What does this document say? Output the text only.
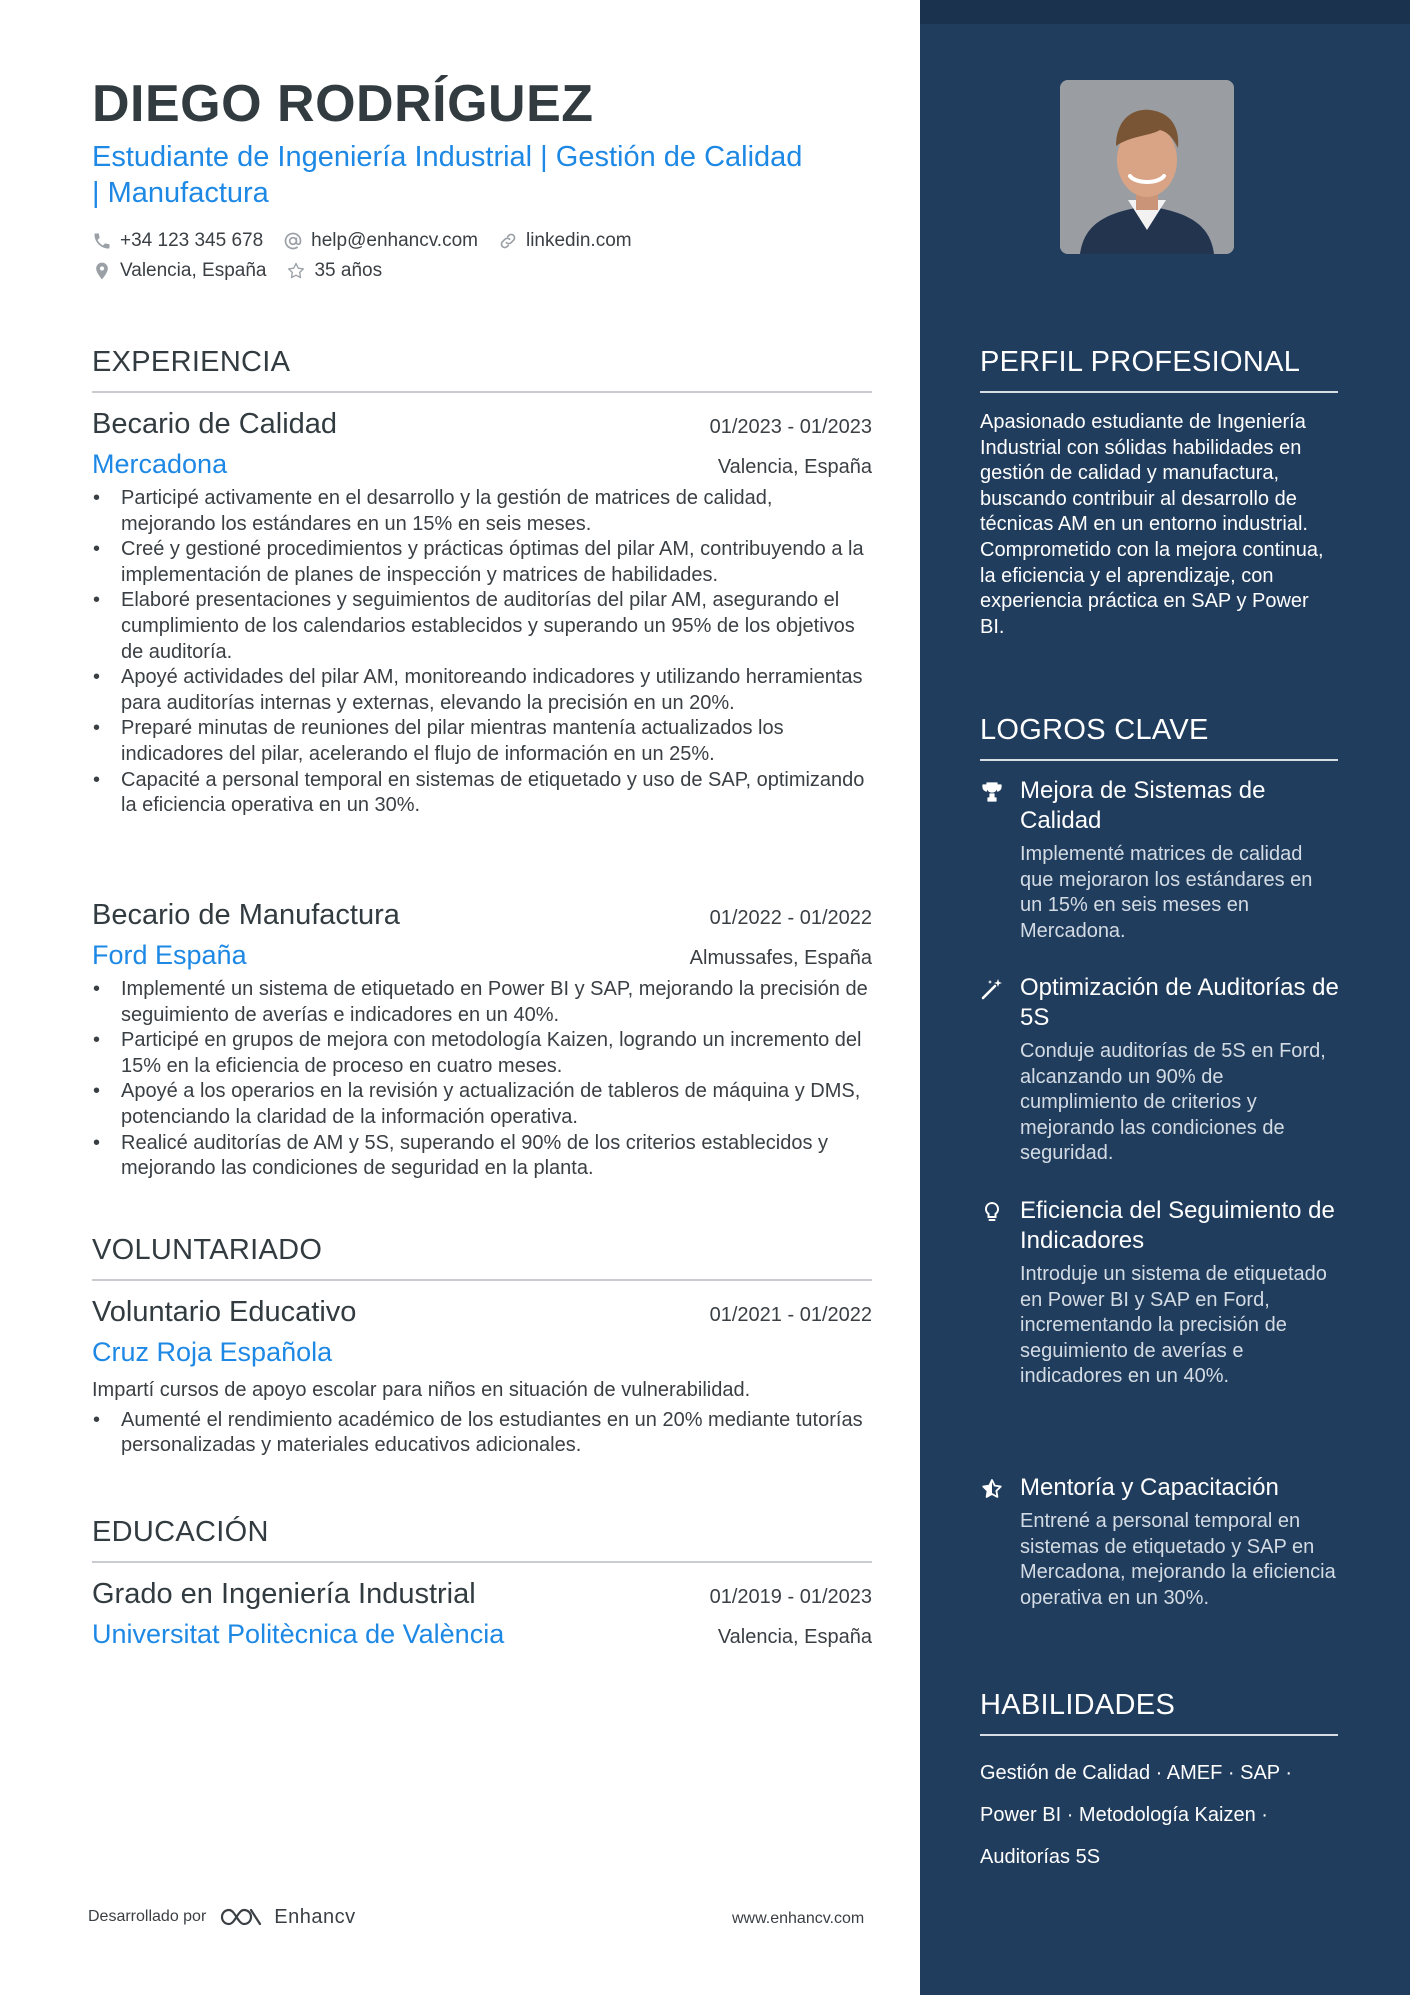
DIEGO RODRÍGUEZ
Estudiante de Ingeniería Industrial | Gestión de Calidad | Manufactura
+34 123 345 678	help@enhancv.com	linkedin.com
Valencia, España	35 años
EXPERIENCIA
Becario de Calidad	01/2023 - 01/2023
Mercadona	Valencia, España
• Participé activamente en el desarrollo y la gestión de matrices de calidad, mejorando los estándares en un 15% en seis meses.
• Creé y gestioné procedimientos y prácticas óptimas del pilar AM, contribuyendo a la implementación de planes de inspección y matrices de habilidades.
• Elaboré presentaciones y seguimientos de auditorías del pilar AM, asegurando el cumplimiento de los calendarios establecidos y superando un 95% de los objetivos de auditoría.
• Apoyé actividades del pilar AM, monitoreando indicadores y utilizando herramientas para auditorías internas y externas, elevando la precisión en un 20%.
• Preparé minutas de reuniones del pilar mientras mantenía actualizados los indicadores del pilar, acelerando el flujo de información en un 25%.
• Capacité a personal temporal en sistemas de etiquetado y uso de SAP, optimizando la eficiencia operativa en un 30%.
Becario de Manufactura	01/2022 - 01/2022
Ford España	Almussafes, España
• Implementé un sistema de etiquetado en Power BI y SAP, mejorando la precisión de seguimiento de averías e indicadores en un 40%.
• Participé en grupos de mejora con metodología Kaizen, logrando un incremento del 15% en la eficiencia de proceso en cuatro meses.
• Apoyé a los operarios en la revisión y actualización de tableros de máquina y DMS, potenciando la claridad de la información operativa.
• Realicé auditorías de AM y 5S, superando el 90% de los criterios establecidos y mejorando las condiciones de seguridad en la planta.
VOLUNTARIADO
Voluntario Educativo	01/2021 - 01/2022
Cruz Roja Española
Impartí cursos de apoyo escolar para niños en situación de vulnerabilidad.
• Aumenté el rendimiento académico de los estudiantes en un 20% mediante tutorías personalizadas y materiales educativos adicionales.
EDUCACIÓN
Grado en Ingeniería Industrial	01/2019 - 01/2023
Universitat Politècnica de València	Valencia, España
Desarrollado por	Enhancv	www.enhancv.com
PERFIL PROFESIONAL
Apasionado estudiante de Ingeniería Industrial con sólidas habilidades en gestión de calidad y manufactura, buscando contribuir al desarrollo de técnicas AM en un entorno industrial. Comprometido con la mejora continua, la eficiencia y el aprendizaje, con experiencia práctica en SAP y Power BI.
LOGROS CLAVE
Mejora de Sistemas de Calidad
Implementé matrices de calidad que mejoraron los estándares en un 15% en seis meses en Mercadona.
Optimización de Auditorías de 5S
Conduje auditorías de 5S en Ford, alcanzando un 90% de cumplimiento de criterios y mejorando las condiciones de seguridad.
Eficiencia del Seguimiento de Indicadores
Introduje un sistema de etiquetado en Power BI y SAP en Ford, incrementando la precisión de seguimiento de averías e indicadores en un 40%.
Mentoría y Capacitación
Entrené a personal temporal en sistemas de etiquetado y SAP en Mercadona, mejorando la eficiencia operativa en un 30%.
HABILIDADES
Gestión de Calidad · AMEF · SAP ·
Power BI · Metodología Kaizen ·
Auditorías 5S
